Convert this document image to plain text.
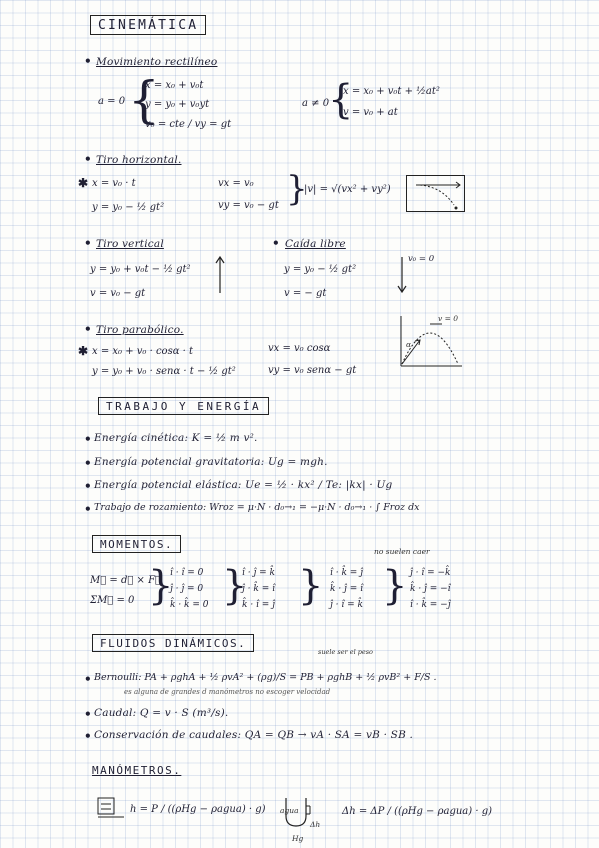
CINEMÁTICA
• Movimiento rectilíneo
a = 0 {
x = x₀ + v₀t
y = y₀ + v₀yt
v₀ = cte / vy = gt
a ≠ 0
{
x = x₀ + v₀t + ½at²
v = v₀ + at
• Tiro horizontal.
✱ x = v₀ · t
y = y₀ − ½ gt²
vx = v₀
vy = v₀ − gt }
|v| = √(vx² + vy²)
• Tiro vertical
y = y₀ + v₀t − ½ gt²
v = v₀ − gt
• Caída libre
y = y₀ − ½ gt²
v = − gt
v₀ = 0
• Tiro parabólico.
✱ x = x₀ + v₀ · cosα · t
y = y₀ + v₀ · senα · t − ½ gt²
vx = v₀ cosα
vy = v₀ senα − gt
v = 0
α
TRABAJO Y ENERGÍA
• Energía cinética: K = ½ m v².
• Energía potencial gravitatoria: Ug = mgh.
• Energía potencial elástica: Ue = ½ · kx² / Te: |kx| · Ug
• Trabajo de rozamiento: Wroz = μ·N · d₀→₁ = −μ·N · d₀→₁ · ∫ Froz dx
MOMENTOS.
no suelen caer
M⃗ = d⃗ × F⃗
ΣM⃗ = 0 }
î · î = 0
ĵ · ĵ = 0
k̂ · k̂ = 0 }
î · ĵ = k̂
ĵ · k̂ = î
k̂ · î = ĵ } î · k̂ = ĵ
k̂ · ĵ = î
ĵ · î = k̂ } ĵ · î = −k̂
k̂ · ĵ = −î
î · k̂ = −ĵ
FLUIDOS DINÁMICOS.
suele ser el peso
• Bernoulli: PA + ρghA + ½ ρvA² + (ρg)/S = PB + ρghB + ½ ρvB² + F/S .
es alguna de grandes d manómetros no escoger velocidad
• Caudal: Q = v · S (m³/s).
• Conservación de caudales: QA = QB → vA · SA = vB · SB .
MANÓMETROS.
h = P / ((ρHg − ρagua) · g) agua
Δh
Hg
Δh = ΔP / ((ρHg − ρagua) · g)
